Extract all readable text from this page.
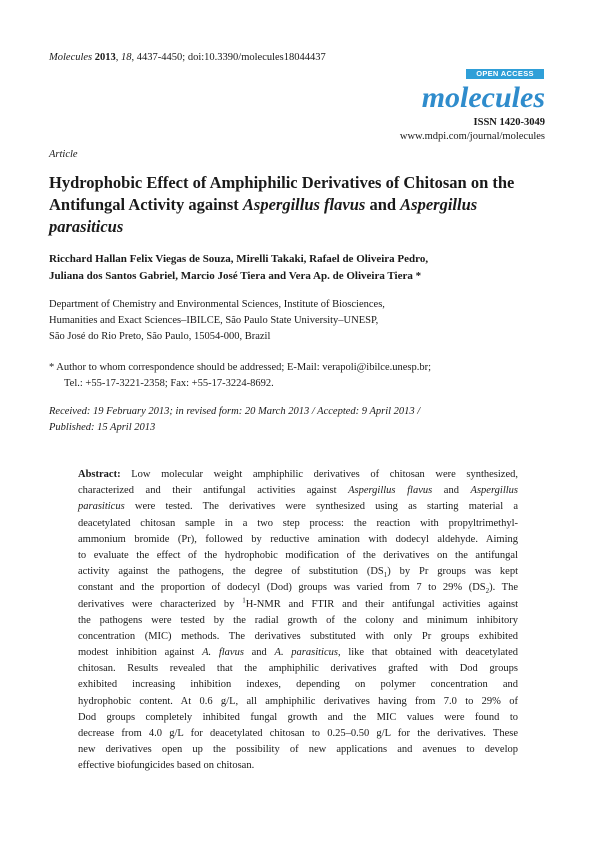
Molecules 2013, 18, 4437-4450; doi:10.3390/molecules18044437
OPEN ACCESS
molecules
ISSN 1420-3049
www.mdpi.com/journal/molecules
Article
Hydrophobic Effect of Amphiphilic Derivatives of Chitosan on the Antifungal Activity against Aspergillus flavus and Aspergillus parasiticus
Ricchard Hallan Felix Viegas de Souza, Mirelli Takaki, Rafael de Oliveira Pedro,
Juliana dos Santos Gabriel, Marcio José Tiera and Vera Ap. de Oliveira Tiera *
Department of Chemistry and Environmental Sciences, Institute of Biosciences,
Humanities and Exact Sciences–IBILCE, São Paulo State University–UNESP,
São José do Rio Preto, São Paulo, 15054-000, Brazil
* Author to whom correspondence should be addressed; E-Mail: verapoli@ibilce.unesp.br;
Tel.: +55-17-3221-2358; Fax: +55-17-3224-8692.
Received: 19 February 2013; in revised form: 20 March 2013 / Accepted: 9 April 2013 /
Published: 15 April 2013
Abstract: Low molecular weight amphiphilic derivatives of chitosan were synthesized,
characterized and their antifungal activities against Aspergillus flavus and Aspergillus
parasiticus were tested. The derivatives were synthesized using as starting material a
deacetylated chitosan sample in a two step process: the reaction with propyltrimethyl-
ammonium bromide (Pr), followed by reductive amination with dodecyl aldehyde. Aiming
to evaluate the effect of the hydrophobic modification of the derivatives on the antifungal
activity against the pathogens, the degree of substitution $(DS_1)$ by Pr groups was kept
constant and the proportion of dodecyl (Dod) groups was varied from 7 to 29% $(DS_2)$. The
derivatives were characterized by $^1$H-NMR and FTIR and their antifungal activities against
the pathogens were tested by the radial growth of the colony and minimum inhibitory
concentration (MIC) methods. The derivatives substituted with only Pr groups exhibited
modest inhibition against A. flavus and A. parasiticus, like that obtained with deacetylated
chitosan. Results revealed that the amphiphilic derivatives grafted with Dod groups
exhibited increasing inhibition indexes, depending on polymer concentration and
hydrophobic content. At 0.6 g/L, all amphiphilic derivatives having from 7.0 to 29% of
Dod groups completely inhibited fungal growth and the MIC values were found to
decrease from 4.0 g/L for deacetylated chitosan to 0.25–0.50 g/L for the derivatives. These
new derivatives open up the possibility of new applications and avenues to develop
effective biofungicides based on chitosan.
